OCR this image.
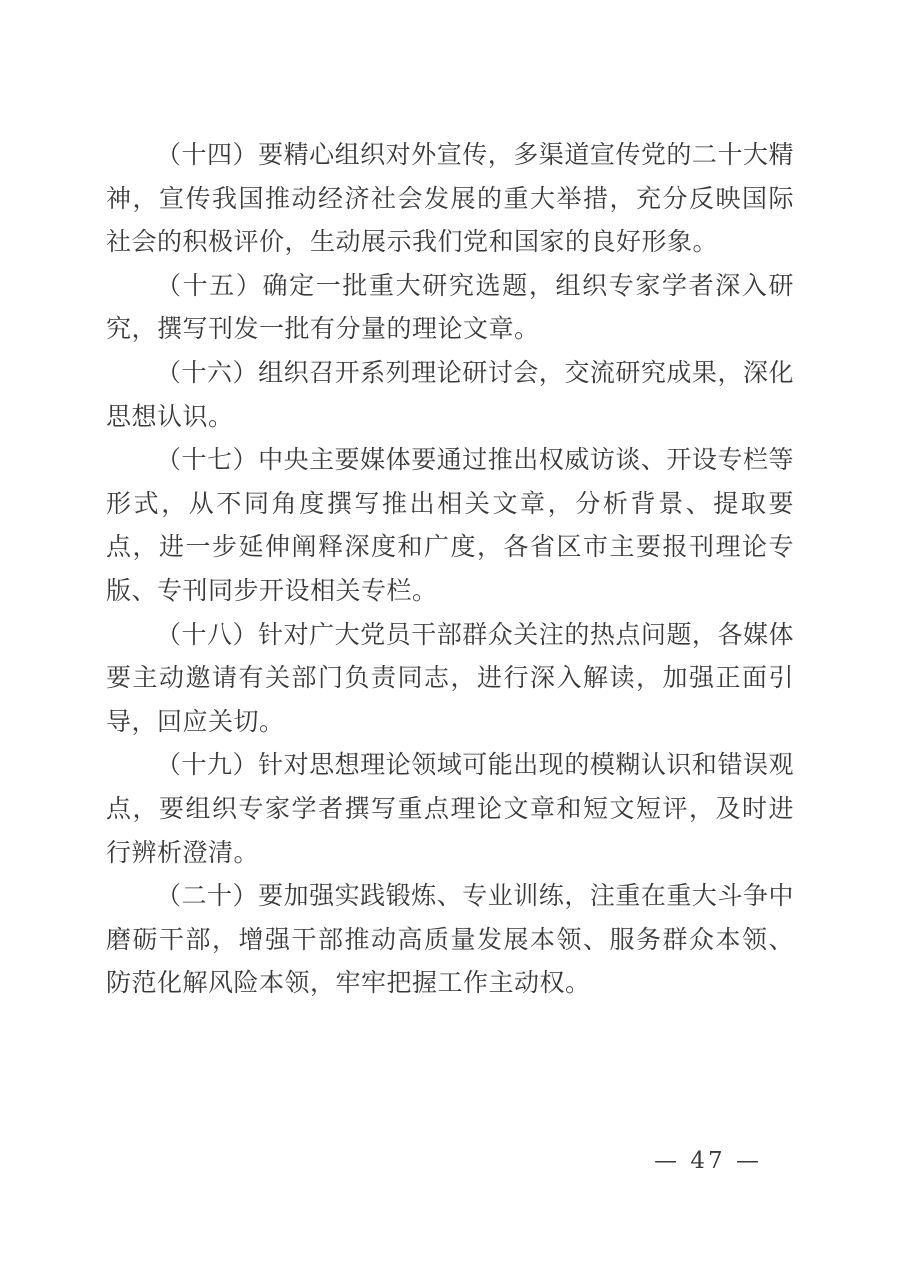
（十四）要精心组织对外宣传，多渠道宣传党的二十大精神，宣传我国推动经济社会发展的重大举措，充分反映国际社会的积极评价，生动展示我们党和国家的良好形象。

（十五）确定一批重大研究选题，组织专家学者深入研究，撰写刊发一批有分量的理论文章。

（十六）组织召开系列理论研讨会，交流研究成果，深化思想认识。

（十七）中央主要媒体要通过推出权威访谈、开设专栏等形式，从不同角度撰写推出相关文章，分析背景、提取要点，进一步延伸阐释深度和广度，各省区市主要报刊理论专版、专刊同步开设相关专栏。

（十八）针对广大党员干部群众关注的热点问题，各媒体要主动邀请有关部门负责同志，进行深入解读，加强正面引导，回应关切。

（十九）针对思想理论领域可能出现的模糊认识和错误观点，要组织专家学者撰写重点理论文章和短文短评，及时进行辨析澄清。

（二十）要加强实践锻炼、专业训练，注重在重大斗争中磨砺干部，增强干部推动高质量发展本领、服务群众本领、防范化解风险本领，牢牢把握工作主动权。

— 47 —
